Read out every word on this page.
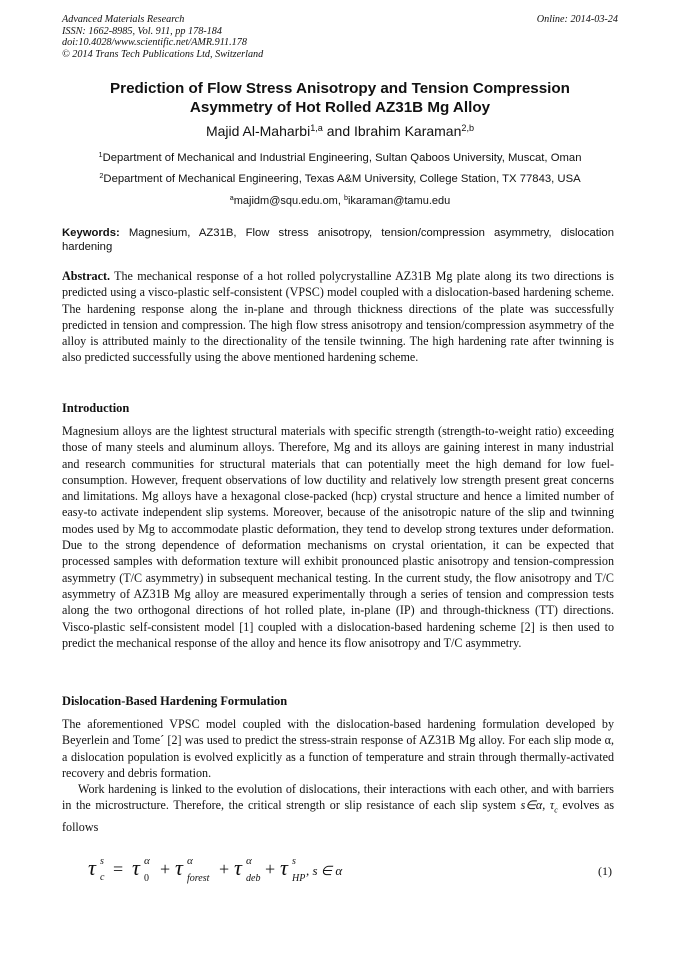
Advanced Materials Research
ISSN: 1662-8985, Vol. 911, pp 178-184
doi:10.4028/www.scientific.net/AMR.911.178
© 2014 Trans Tech Publications Ltd, Switzerland
Online: 2014-03-24
Prediction of Flow Stress Anisotropy and Tension Compression
Asymmetry of Hot Rolled AZ31B Mg Alloy
Majid Al-Maharbi$^{1,a}$ and Ibrahim Karaman$^{2,b}$
$^1$Department of Mechanical and Industrial Engineering, Sultan Qaboos University, Muscat, Oman
$^2$Department of Mechanical Engineering, Texas A&M University, College Station, TX 77843, USA
$^a$majidm@squ.edu.om, $^b$ikaraman@tamu.edu
Keywords: Magnesium, AZ31B, Flow stress anisotropy, tension/compression asymmetry, dislocation hardening
Abstract. The mechanical response of a hot rolled polycrystalline AZ31B Mg plate along its two directions is predicted using a visco-plastic self-consistent (VPSC) model coupled with a dislocation-based hardening scheme. The hardening response along the in-plane and through thickness directions of the plate was successfully predicted in tension and compression. The high flow stress anisotropy and tension/compression asymmetry of the alloy is attributed mainly to the directionality of the tensile twinning. The high hardening rate after twinning is also predicted successfully using the above mentioned hardening scheme.
Introduction
Magnesium alloys are the lightest structural materials with specific strength (strength-to-weight ratio) exceeding those of many steels and aluminum alloys. Therefore, Mg and its alloys are gaining interest in many industrial and research communities for structural materials that can potentially meet the high demand for low fuel-consumption. However, frequent observations of low ductility and relatively low strength present great concerns and limitations. Mg alloys have a hexagonal close-packed (hcp) crystal structure and hence a limited number of easy-to activate independent slip systems. Moreover, because of the anisotropic nature of the slip and twinning modes used by Mg to accommodate plastic deformation, they tend to develop strong textures under deformation. Due to the strong dependence of deformation mechanisms on crystal orientation, it can be expected that processed samples with deformation texture will exhibit pronounced plastic anisotropy and tension-compression asymmetry (T/C asymmetry) in subsequent mechanical testing. In the current study, the flow anisotropy and T/C asymmetry of AZ31B Mg alloy are measured experimentally through a series of tension and compression tests along the two orthogonal directions of hot rolled plate, in-plane (IP) and through-thickness (TT) directions. Visco-plastic self-consistent model [1] coupled with a dislocation-based hardening scheme [2] is then used to predict the mechanical response of the alloy and hence its flow anisotropy and T/C asymmetry.
Dislocation-Based Hardening Formulation
The aforementioned VPSC model coupled with the dislocation-based hardening formulation developed by Beyerlein and Tome´ [2] was used to predict the stress-strain response of AZ31B Mg alloy. For each slip mode α, a dislocation population is evolved explicitly as a function of temperature and strain through thermally-activated recovery and debris formation.
Work hardening is linked to the evolution of dislocations, their interactions with each other, and with barriers in the microstructure. Therefore, the critical strength or slip resistance of each slip system s∈α, $\tau_c$ evolves as follows
τ s
c = τ α
0 + τ α
forest + τ α
deb + τ s
HP
, s ∈ α	(1)
